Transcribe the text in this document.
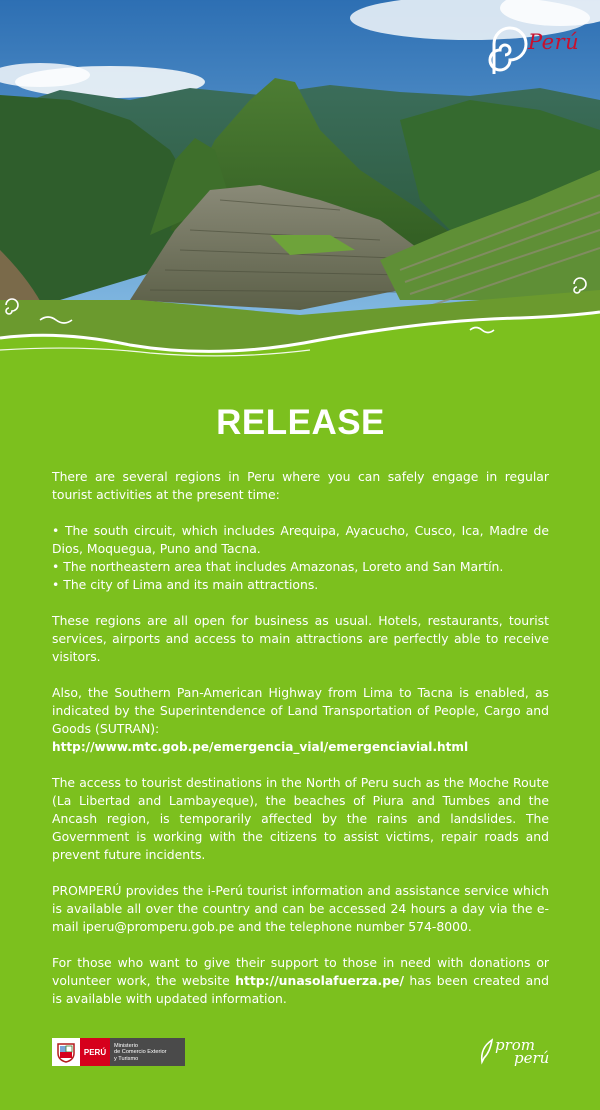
Perú
RELEASE

There are several regions in Peru where you can safely engage in regular tourist activities at the present time:

• The south circuit, which includes Arequipa, Ayacucho, Cusco, Ica, Madre de Dios, Moquegua, Puno and Tacna.
• The northeastern area that includes Amazonas, Loreto and San Martín.
• The city of Lima and its main attractions.

These regions are all open for business as usual. Hotels, restaurants, tourist services, airports and access to main attractions are perfectly able to receive visitors.

Also, the Southern Pan-American Highway from Lima to Tacna is enabled, as indicated by the Superintendence of Land Transportation of People, Cargo and Goods (SUTRAN):
http://www.mtc.gob.pe/emergencia_vial/emergenciavial.html

The access to tourist destinations in the North of Peru such as the Moche Route (La Libertad and Lambayeque), the beaches of Piura and Tumbes and the Ancash region, is temporarily affected by the rains and landslides. The Government is working with the citizens to assist victims, repair roads and prevent future incidents.

PROMPERÚ provides the i-Perú tourist information and assistance service which is available all over the country and can be accessed 24 hours a day via the e-mail iperu@promperu.gob.pe and the telephone number 574-8000.

For those who want to give their support to those in need with donations or volunteer work, the website http://unasolafuerza.pe/ has been created and is available with updated information.

PERÚ
Ministerio
de Comercio Exterior
y Turismo
prom
perú
